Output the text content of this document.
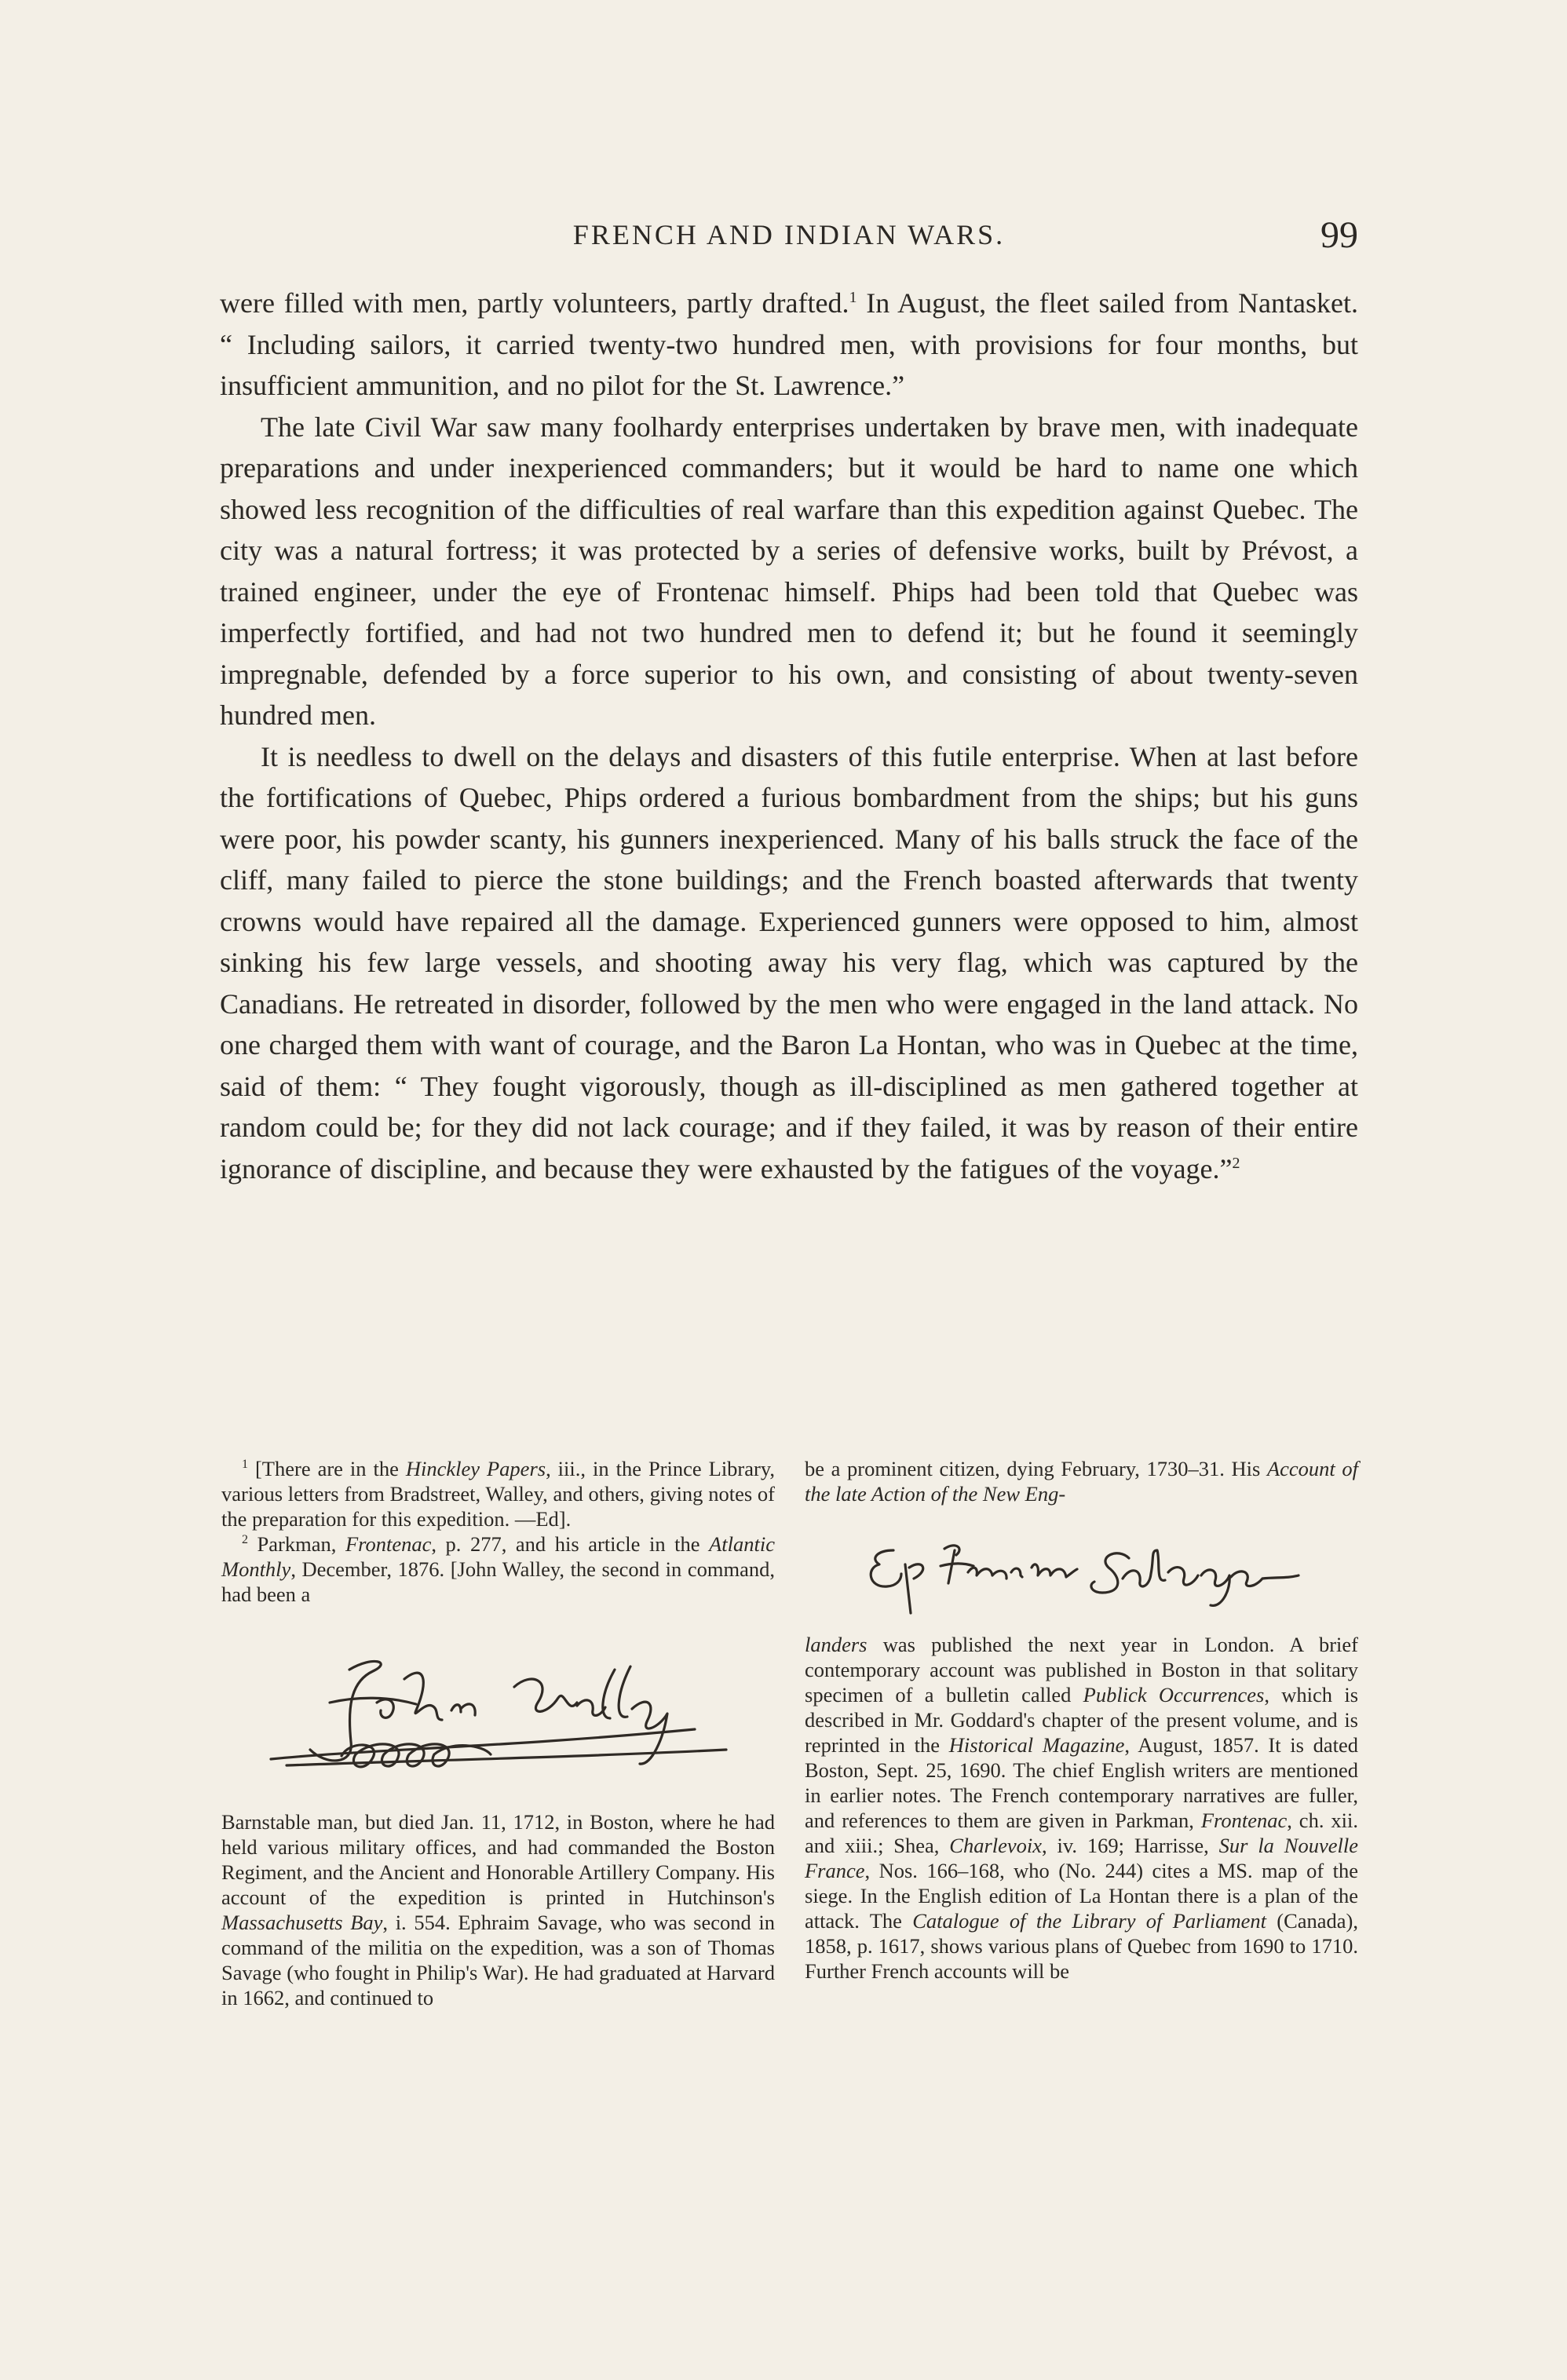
FRENCH AND INDIAN WARS.	99

were filled with men, partly volunteers, partly drafted.$^1$ In August, the fleet sailed from Nantasket. “ Including sailors, it carried twenty-two hundred men, with provisions for four months, but insufficient ammunition, and no pilot for the St. Lawrence.”

The late Civil War saw many foolhardy enterprises undertaken by brave men, with inadequate preparations and under inexperienced commanders; but it would be hard to name one which showed less recognition of the difficulties of real warfare than this expedition against Quebec. The city was a natural fortress; it was protected by a series of defensive works, built by Prévost, a trained engineer, under the eye of Frontenac himself. Phips had been told that Quebec was imperfectly fortified, and had not two hundred men to defend it; but he found it seemingly impregnable, defended by a force superior to his own, and consisting of about twenty-seven hundred men.

It is needless to dwell on the delays and disasters of this futile enterprise. When at last before the fortifications of Quebec, Phips ordered a furious bombardment from the ships; but his guns were poor, his powder scanty, his gunners inexperienced. Many of his balls struck the face of the cliff, many failed to pierce the stone buildings; and the French boasted afterwards that twenty crowns would have repaired all the damage. Experienced gunners were opposed to him, almost sinking his few large vessels, and shooting away his very flag, which was captured by the Canadians. He retreated in disorder, followed by the men who were engaged in the land attack. No one charged them with want of courage, and the Baron La Hontan, who was in Quebec at the time, said of them: “ They fought vigorously, though as ill-disciplined as men gathered together at random could be; for they did not lack courage; and if they failed, it was by reason of their entire ignorance of discipline, and because they were exhausted by the fatigues of the voyage.”$^2$

$^1$ [There are in the Hinckley Papers, iii., in the Prince Library, various letters from Bradstreet, Walley, and others, giving notes of the preparation for this expedition. —Ed].

$^2$ Parkman, Frontenac, p. 277, and his article in the Atlantic Monthly, December, 1876. [John Walley, the second in command, had been a

Barnstable man, but died Jan. 11, 1712, in Boston, where he had held various military offices, and had commanded the Boston Regiment, and the Ancient and Honorable Artillery Company. His account of the expedition is printed in Hutchinson's Massachusetts Bay, i. 554. Ephraim Savage, who was second in command of the militia on the expedition, was a son of Thomas Savage (who fought in Philip's War). He had graduated at Harvard in 1662, and continued to

be a prominent citizen, dying February, 1730–31. His Account of the late Action of the New Eng-

landers was published the next year in London. A brief contemporary account was published in Boston in that solitary specimen of a bulletin called Publick Occurrences, which is described in Mr. Goddard's chapter of the present volume, and is reprinted in the Historical Magazine, August, 1857. It is dated Boston, Sept. 25, 1690. The chief English writers are mentioned in earlier notes. The French contemporary narratives are fuller, and references to them are given in Parkman, Frontenac, ch. xii. and xiii.; Shea, Charlevoix, iv. 169; Harrisse, Sur la Nouvelle France, Nos. 166–168, who (No. 244) cites a MS. map of the siege. In the English edition of La Hontan there is a plan of the attack. The Catalogue of the Library of Parliament (Canada), 1858, p. 1617, shows various plans of Quebec from 1690 to 1710. Further French accounts will be
